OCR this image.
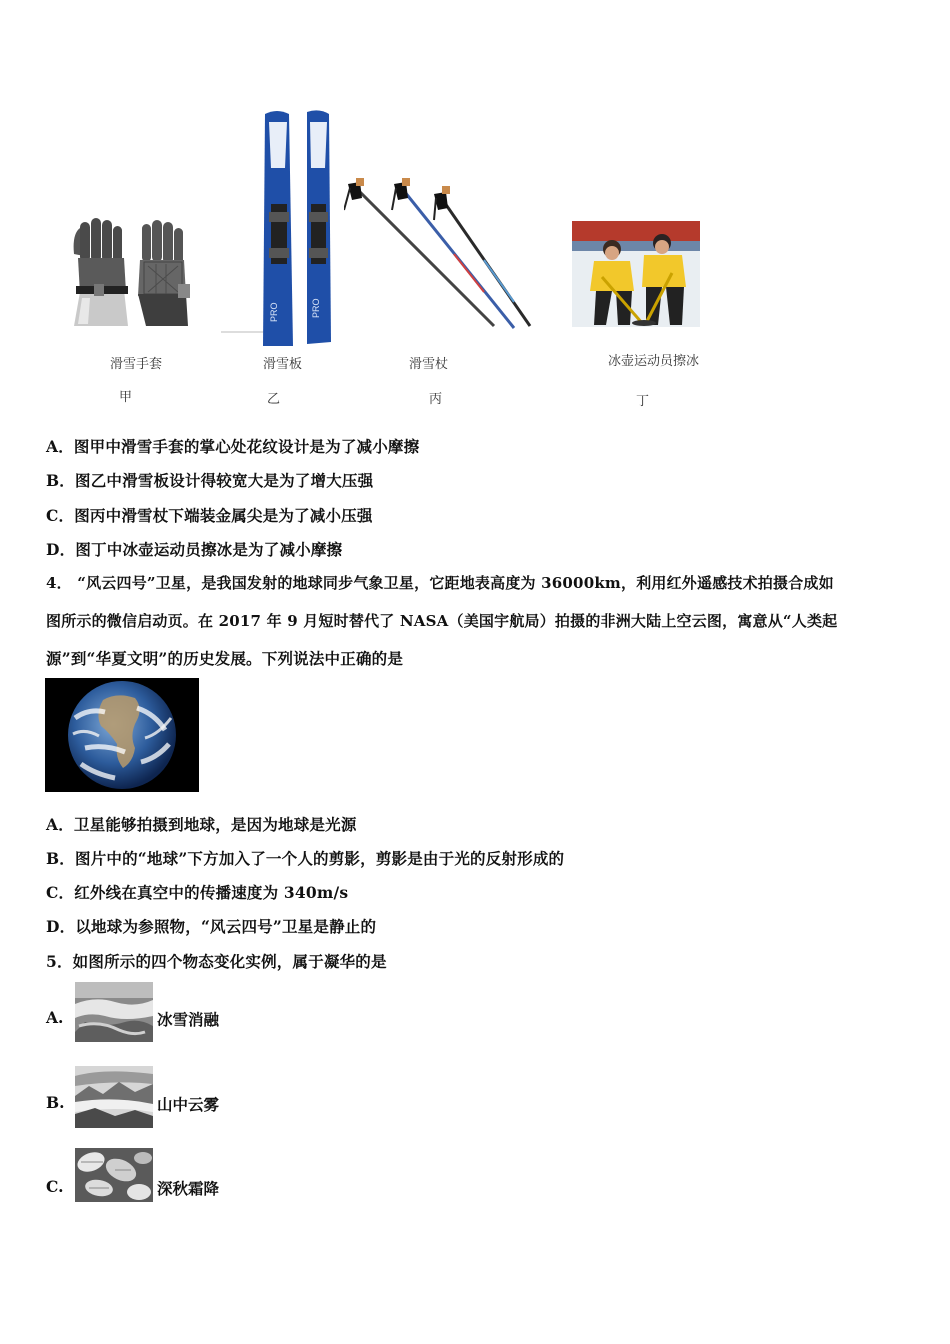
PRO	PRO
滑雪手套	滑雪板	滑雪杖	冰壶运动员擦冰
甲	乙	丙	丁
A．图甲中滑雪手套的掌心处花纹设计是为了减小摩擦
B．图乙中滑雪板设计得较宽大是为了增大压强
C．图丙中滑雪杖下端装金属尖是为了减小压强
D．图丁中冰壶运动员擦冰是为了减小摩擦
4． “风云四号”卫星，是我国发射的地球同步气象卫星，它距地表高度为 36000km，利用红外遥感技术拍摄合成如
图所示的微信启动页。在 2017 年 9 月短时替代了 NASA（美国宇航局）拍摄的非洲大陆上空云图，寓意从“人类起
源”到“华夏文明”的历史发展。下列说法中正确的是
A．卫星能够拍摄到地球，是因为地球是光源
B．图片中的“地球”下方加入了一个人的剪影，剪影是由于光的反射形成的
C．红外线在真空中的传播速度为 340m/s
D．以地球为参照物，“风云四号”卫星是静止的
5．如图所示的四个物态变化实例，属于凝华的是
A.	冰雪消融
B.	山中云雾
C.	深秋霜降
